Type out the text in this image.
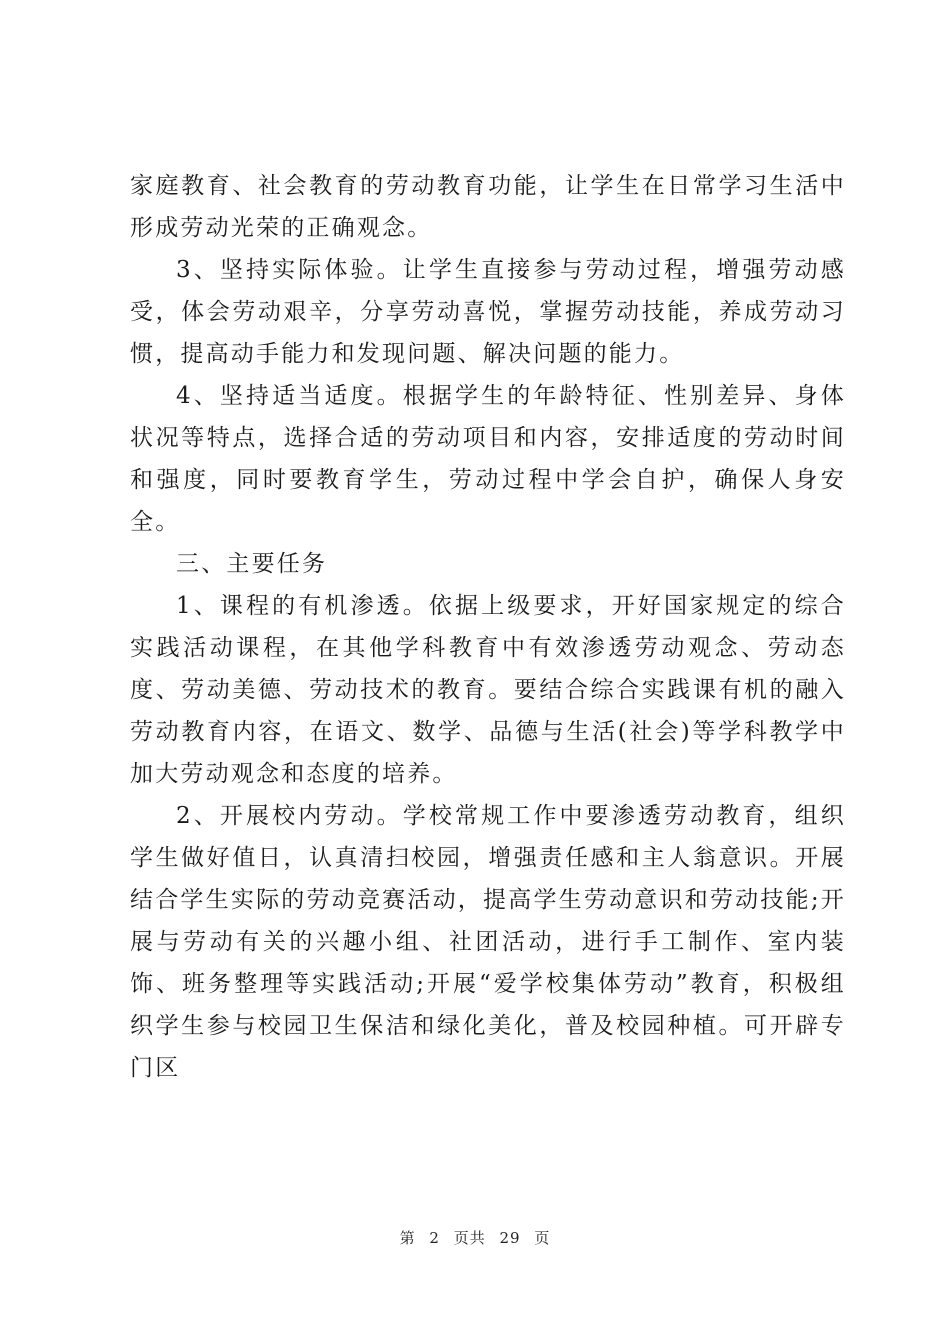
家庭教育、社会教育的劳动教育功能，让学生在日常学习生活中形成劳动光荣的正确观念。

3、坚持实际体验。让学生直接参与劳动过程，增强劳动感受，体会劳动艰辛，分享劳动喜悦，掌握劳动技能，养成劳动习惯，提高动手能力和发现问题、解决问题的能力。

4、坚持适当适度。根据学生的年龄特征、性别差异、身体状况等特点，选择合适的劳动项目和内容，安排适度的劳动时间和强度，同时要教育学生，劳动过程中学会自护，确保人身安全。

三、主要任务

1、课程的有机渗透。依据上级要求，开好国家规定的综合实践活动课程，在其他学科教育中有效渗透劳动观念、劳动态度、劳动美德、劳动技术的教育。要结合综合实践课有机的融入劳动教育内容，在语文、数学、品德与生活(社会)等学科教学中加大劳动观念和态度的培养。

2、开展校内劳动。学校常规工作中要渗透劳动教育，组织学生做好值日，认真清扫校园，增强责任感和主人翁意识。开展结合学生实际的劳动竞赛活动，提高学生劳动意识和劳动技能;开展与劳动有关的兴趣小组、社团活动，进行手工制作、室内装饰、班务整理等实践活动;开展“爱学校集体劳动”教育，积极组织学生参与校园卫生保洁和绿化美化，普及校园种植。可开辟专门区

第 2 页共 29 页
